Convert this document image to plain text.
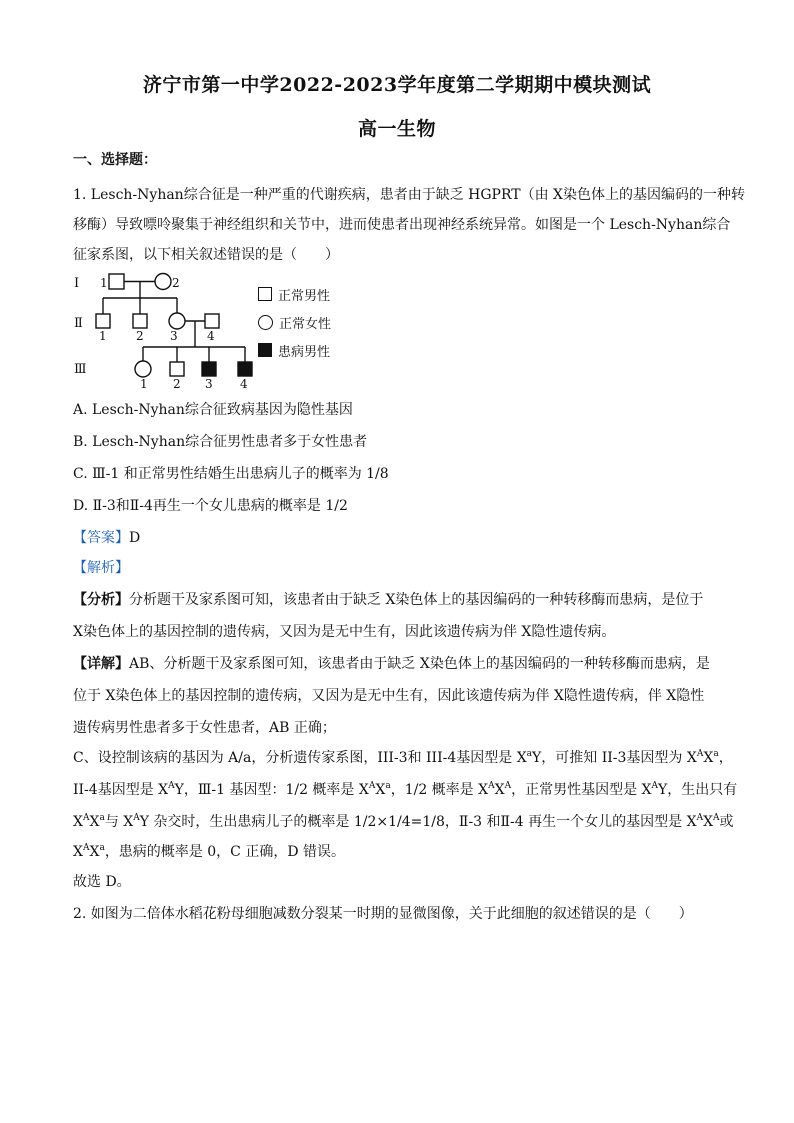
济宁市第一中学2022-2023学年度第二学期期中模块测试
高一生物
一、选择题：
1. Lesch-Nyhan综合征是一种严重的代谢疾病，患者由于缺乏 HGPRT（由 X染色体上的基因编码的一种转
移酶）导致嘌呤聚集于神经组织和关节中，进而使患者出现神经系统异常。如图是一个 Lesch-Nyhan综合
征家系图，以下相关叙述错误的是（　　）
Ⅰ
Ⅱ
Ⅲ
1	2
1 2 3 4
1 2 3 4
正常男性
正常女性
患病男性
A. Lesch-Nyhan综合征致病基因为隐性基因
B. Lesch-Nyhan综合征男性患者多于女性患者
C. Ⅲ-1 和正常男性结婚生出患病儿子的概率为 1/8
D. Ⅱ-3和Ⅱ-4再生一个女儿患病的概率是 1/2
【答案】D
【解析】
【分析】分析题干及家系图可知，该患者由于缺乏 X染色体上的基因编码的一种转移酶而患病，是位于
X染色体上的基因控制的遗传病，又因为是无中生有，因此该遗传病为伴 X隐性遗传病。
【详解】AB、分析题干及家系图可知，该患者由于缺乏 X染色体上的基因编码的一种转移酶而患病，是
位于 X染色体上的基因控制的遗传病，又因为是无中生有，因此该遗传病为伴 X隐性遗传病，伴 X隐性
遗传病男性患者多于女性患者，AB 正确；
C、设控制该病的基因为 A/a，分析遗传家系图，III-3和 III-4基因型是 $X^aY$，可推知 II-3基因型为 $X^AX^a$，
II-4基因型是 $X^AY$，Ⅲ-1 基因型：1/2 概率是 $X^AX^a$，1/2 概率是 $X^AX^A$，正常男性基因型是 $X^AY$，生出只有
$X^AX^a$与 $X^AY$ 杂交时，生出患病儿子的概率是 1/2×1/4=1/8，Ⅱ-3 和Ⅱ-4 再生一个女儿的基因型是 $X^AX^A$或
$X^AX^a$，患病的概率是 0，C 正确，D 错误。
故选 D。
2. 如图为二倍体水稻花粉母细胞减数分裂某一时期的显微图像，关于此细胞的叙述错误的是（　　）
